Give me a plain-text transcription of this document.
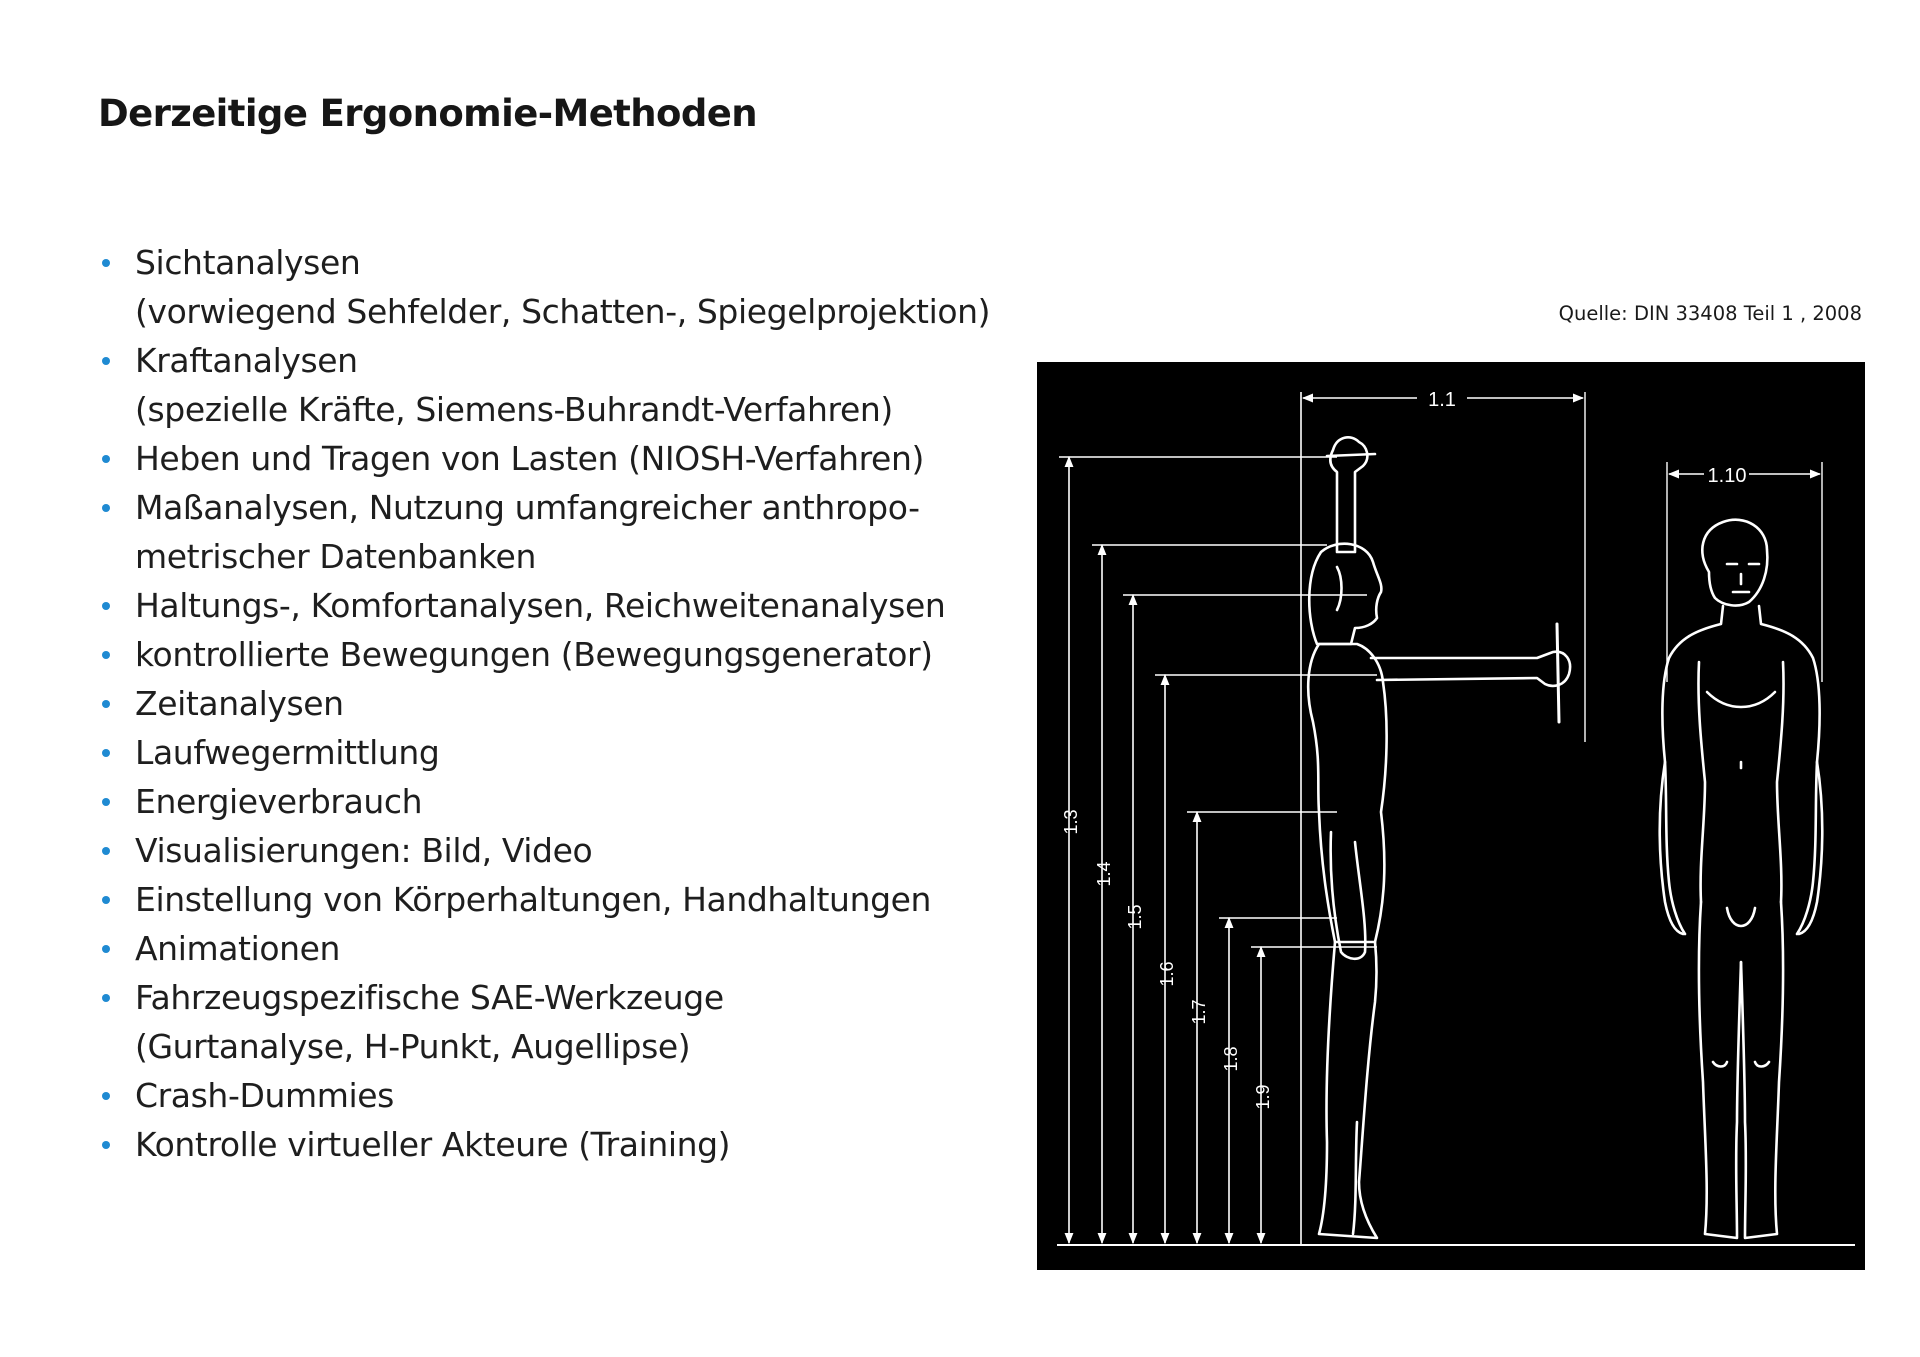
Derzeitige Ergonomie-Methoden
Sichtanalysen
(vorwiegend Sehfelder, Schatten-, Spiegelprojektion)
Kraftanalysen
(spezielle Kräfte, Siemens-Buhrandt-Verfahren)
Heben und Tragen von Lasten (NIOSH-Verfahren)
Maßanalysen, Nutzung umfangreicher anthropo-
metrischer Datenbanken
Haltungs-, Komfortanalysen, Reichweitenanalysen
kontrollierte Bewegungen (Bewegungsgenerator)
Zeitanalysen
Laufwegermittlung
Energieverbrauch
Visualisierungen: Bild, Video
Einstellung von Körperhaltungen, Handhaltungen
Animationen
Fahrzeugspezifische SAE-Werkzeuge
(Gurtanalyse, H-Punkt, Augellipse)
Crash-Dummies
Kontrolle virtueller Akteure (Training)
Quelle: DIN 33408 Teil 1 , 2008
1.1
1.10
1.3
1.4
1.5
1.6
1.7
1.8
1.9
